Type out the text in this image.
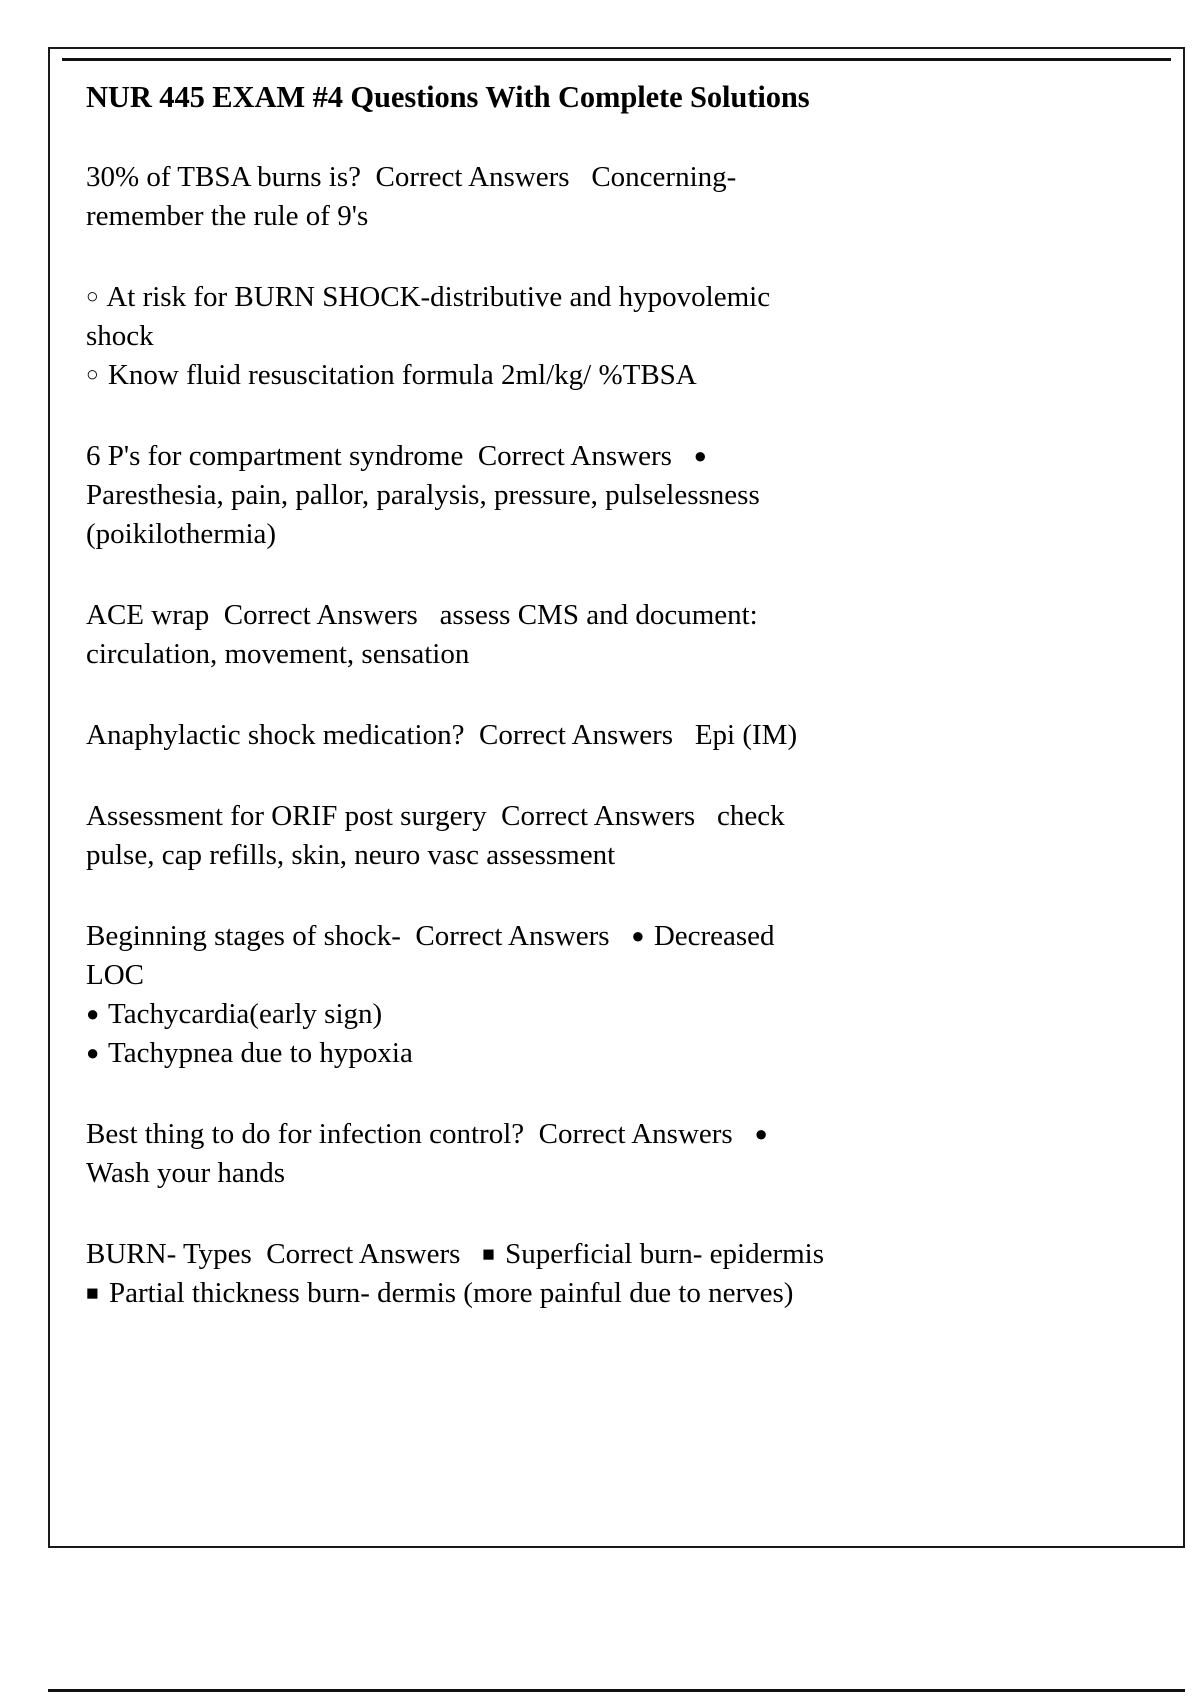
NUR 445 EXAM #4 Questions With Complete Solutions

30% of TBSA burns is?  Correct Answers   Concerning-

remember the rule of 9's

○ At risk for BURN SHOCK-distributive and hypovolemic

shock

○ Know fluid resuscitation formula 2ml/kg/ %TBSA

6 P's for compartment syndrome  Correct Answers   ●

Paresthesia, pain, pallor, paralysis, pressure, pulselessness

(poikilothermia)

ACE wrap  Correct Answers   assess CMS and document:

circulation, movement, sensation

Anaphylactic shock medication?  Correct Answers   Epi (IM)

Assessment for ORIF post surgery  Correct Answers   check

pulse, cap refills, skin, neuro vasc assessment

Beginning stages of shock-  Correct Answers   ● Decreased

LOC

● Tachycardia(early sign)

● Tachypnea due to hypoxia

Best thing to do for infection control?  Correct Answers   ●

Wash your hands

BURN- Types  Correct Answers   ■ Superficial burn- epidermis

■ Partial thickness burn- dermis (more painful due to nerves)
